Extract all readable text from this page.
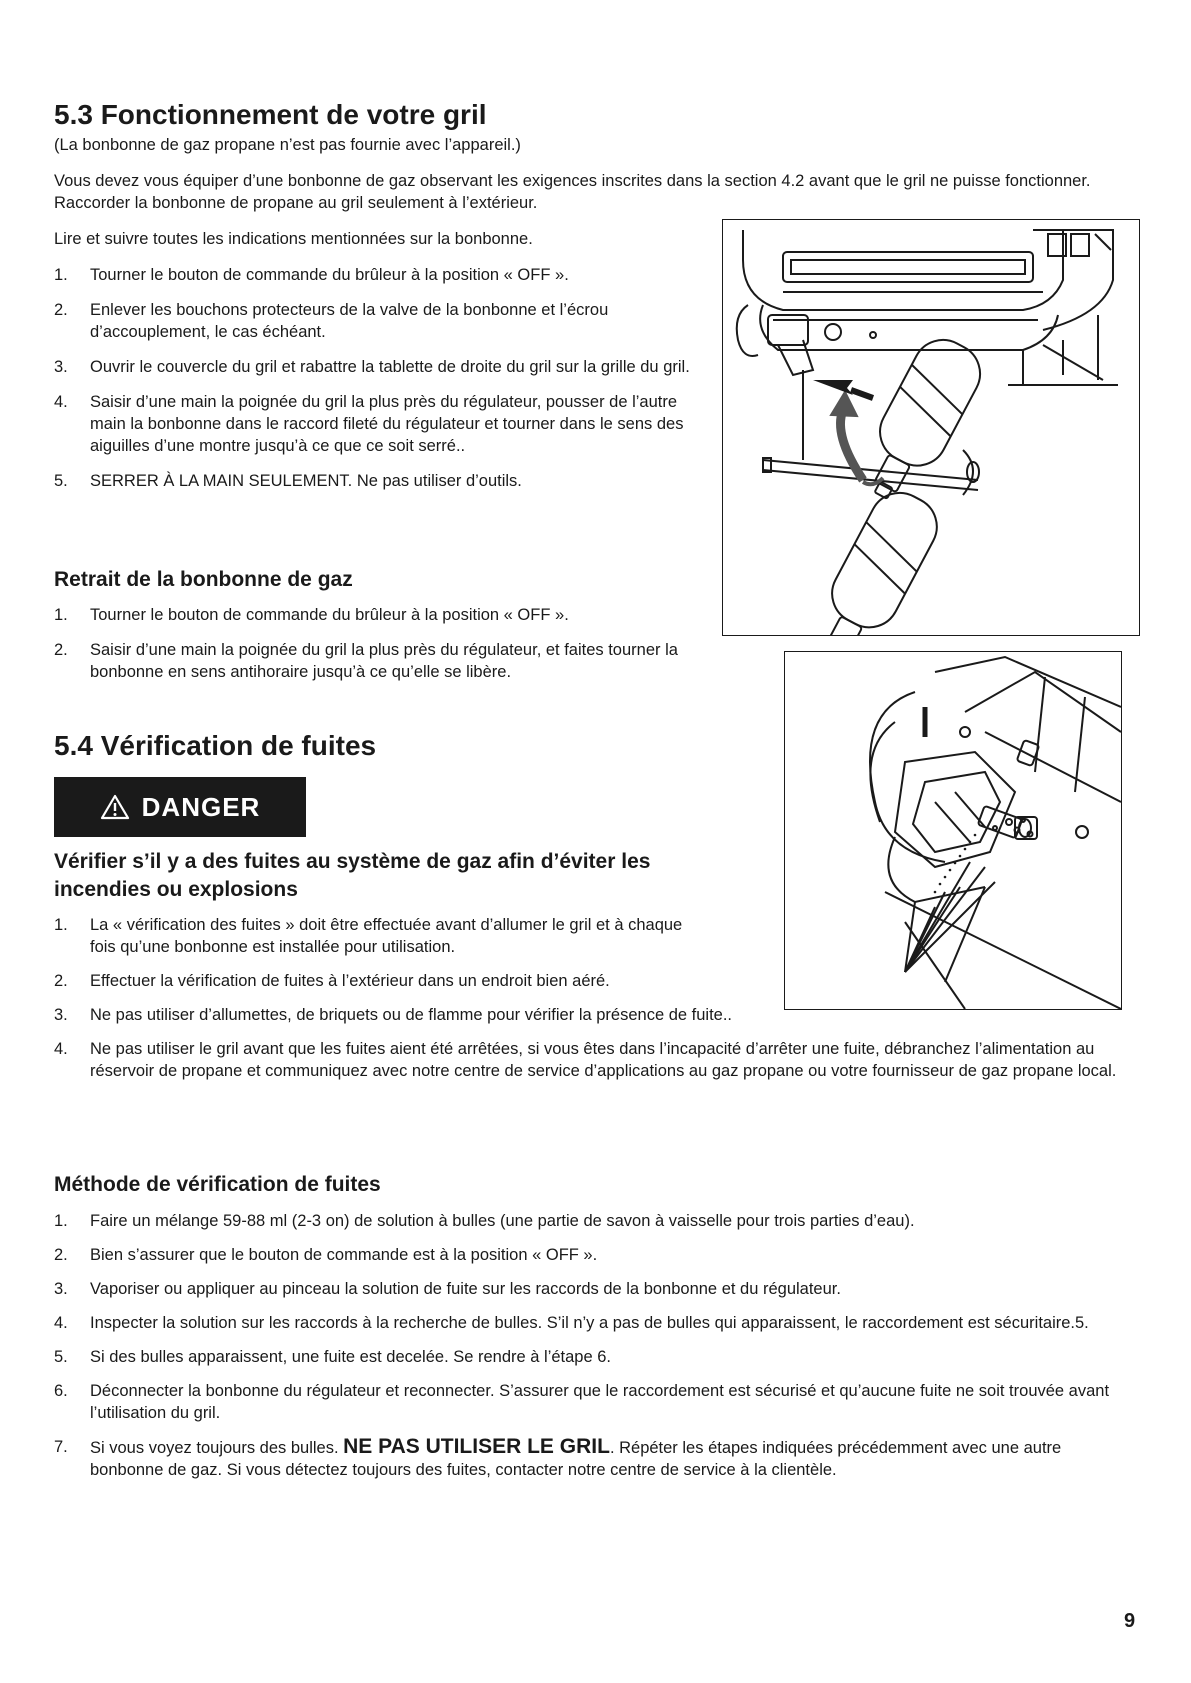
5.3 Fonctionnement de votre gril

(La bonbonne de gaz propane n’est pas fournie avec l’appareil.)

Vous devez vous équiper d’une bonbonne de gaz observant les exigences inscrites dans la section 4.2 avant que le gril ne puisse fonctionner. Raccorder la bonbonne de propane au gril seulement à l’extérieur.

Lire et suivre toutes les indications mentionnées sur la bonbonne.

1. Tourner le bouton de commande du brûleur à la position « OFF ».
2. Enlever les bouchons protecteurs de la valve de la bonbonne et l’écrou d’accouplement, le cas échéant.
3. Ouvrir le couvercle du gril et rabattre la tablette de droite du gril sur la grille du gril.
4. Saisir d’une main la poignée du gril la plus près du régulateur, pousser de l’autre main la bonbonne dans le raccord fileté du régulateur et tourner dans le sens des aiguilles d’une montre jusqu’à ce que ce soit serré..
5. SERRER À LA MAIN SEULEMENT. Ne pas utiliser d’outils.
Retrait de la bonbonne de gaz
1. Tourner le bouton de commande du brûleur à la position « OFF ».
2. Saisir d’une main la poignée du gril la plus près du régulateur, et faites tourner la bonbonne en sens antihoraire jusqu’à ce qu’elle se libère.
5.4 Vérification de fuites
DANGER
Vérifier s’il y a des fuites au système de gaz afin d’éviter les incendies ou explosions
1. La « vérification des fuites » doit être effectuée avant d’allumer le gril et à chaque fois qu’une bonbonne est installée pour utilisation.
2. Effectuer la vérification de fuites à l’extérieur dans un endroit bien aéré.
3. Ne pas utiliser d’allumettes, de briquets ou de flamme pour vérifier la présence de fuite..
4. Ne pas utiliser le gril avant que les fuites aient été arrêtées, si vous êtes dans l’incapacité d’arrêter une fuite, débranchez l’alimentation au réservoir de propane et communiquez avec notre centre de service d’applications au gaz propane ou votre fournisseur de gaz propane local.
Méthode de vérification de fuites
1. Faire un mélange 59-88 ml (2-3 on) de solution à bulles (une partie de savon à vaisselle pour trois parties d’eau).
2. Bien s’assurer que le bouton de commande est à la position « OFF ».
3. Vaporiser ou appliquer au pinceau la solution de fuite sur les raccords de la bonbonne et du régulateur.
4. Inspecter la solution sur les raccords à la recherche de bulles. S’il n’y a pas de bulles qui apparaissent, le raccordement est sécuritaire.5.
5. Si des bulles apparaissent, une fuite est decelée. Se rendre à l’étape 6.
6. Déconnecter la bonbonne du régulateur et reconnecter. S’assurer que le raccordement est sécurisé et qu’aucune fuite ne soit trouvée avant l’utilisation du gril.
7. Si vous voyez toujours des bulles. NE PAS UTILISER LE GRIL. Répéter les étapes indiquées précédemment avec une autre bonbonne de gaz. Si vous détectez toujours des fuites, contacter notre centre de service à la clientèle.
9
